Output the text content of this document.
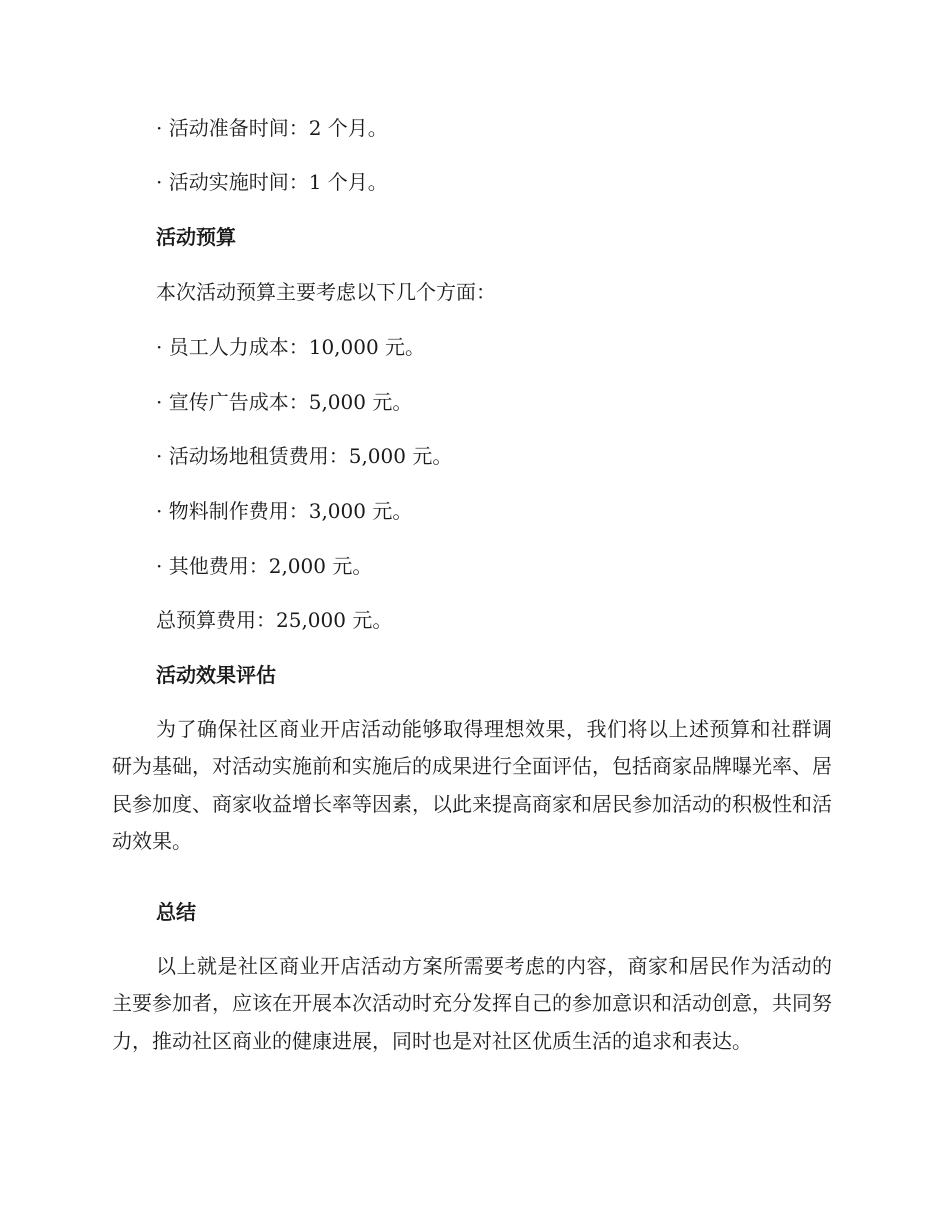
· 活动准备时间：2 个月。
· 活动实施时间：1 个月。
活动预算
本次活动预算主要考虑以下几个方面：
· 员工人力成本：10,000 元。
· 宣传广告成本：5,000 元。
· 活动场地租赁费用：5,000 元。
· 物料制作费用：3,000 元。
· 其他费用：2,000 元。
总预算费用：25,000 元。
活动效果评估
为了确保社区商业开店活动能够取得理想效果，我们将以上述预算和社群调研为基础，对活动实施前和实施后的成果进行全面评估，包括商家品牌曝光率、居民参加度、商家收益增长率等因素，以此来提高商家和居民参加活动的积极性和活动效果。
总结
以上就是社区商业开店活动方案所需要考虑的内容，商家和居民作为活动的主要参加者，应该在开展本次活动时充分发挥自己的参加意识和活动创意，共同努力，推动社区商业的健康进展，同时也是对社区优质生活的追求和表达。
